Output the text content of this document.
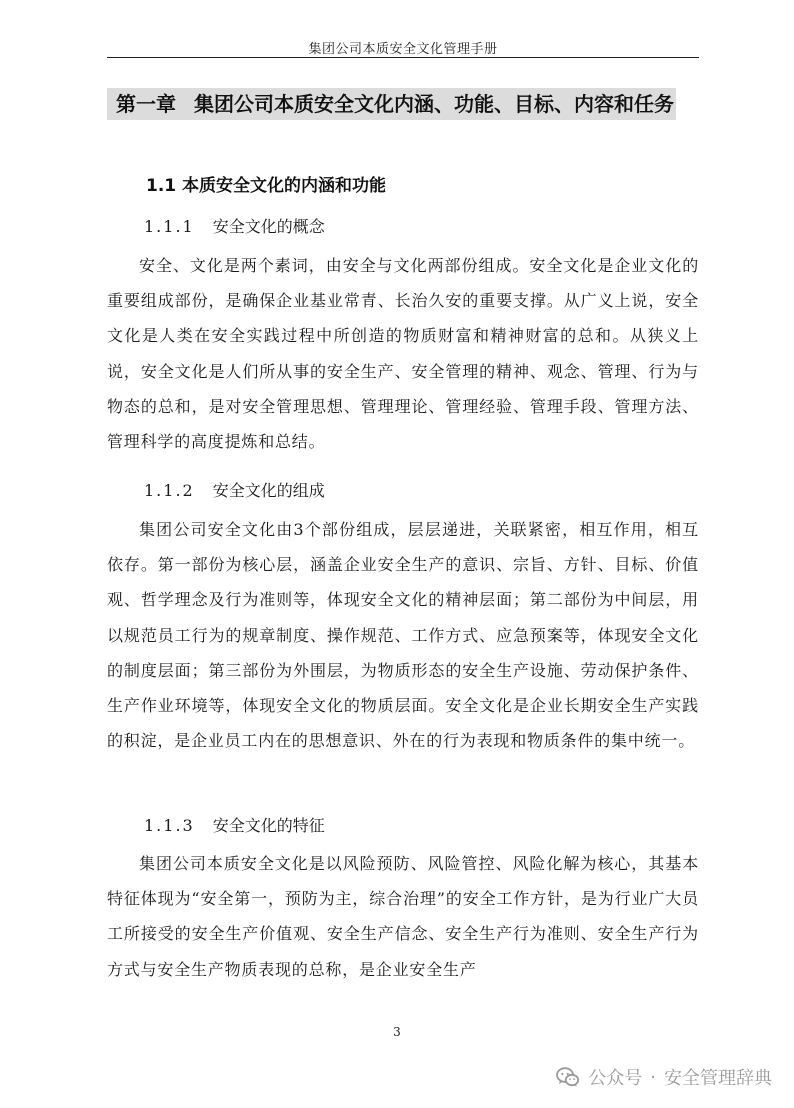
集团公司本质安全文化管理手册
第一章 集团公司本质安全文化内涵、功能、目标、内容和任务
1.1 本质安全文化的内涵和功能
1.1.1 安全文化的概念

安全、文化是两个素词，由安全与文化两部份组成。安全文化是企业文化的重要组成部份，是确保企业基业常青、长治久安的重要支撑。从广义上说，安全文化是人类在安全实践过程中所创造的物质财富和精神财富的总和。从狭义上说，安全文化是人们所从事的安全生产、安全管理的精神、观念、管理、行为与物态的总和，是对安全管理思想、管理理论、管理经验、管理手段、管理方法、管理科学的高度提炼和总结。

1.1.2 安全文化的组成

集团公司安全文化由3个部份组成，层层递进，关联紧密，相互作用，相互依存。第一部份为核心层，涵盖企业安全生产的意识、宗旨、方针、目标、价值观、哲学理念及行为准则等，体现安全文化的精神层面；第二部份为中间层，用以规范员工行为的规章制度、操作规范、工作方式、应急预案等，体现安全文化的制度层面；第三部份为外围层，为物质形态的安全生产设施、劳动保护条件、生产作业环境等，体现安全文化的物质层面。安全文化是企业长期安全生产实践的积淀，是企业员工内在的思想意识、外在的行为表现和物质条件的集中统一。

1.1.3 安全文化的特征

集团公司本质安全文化是以风险预防、风险管控、风险化解为核心，其基本特征体现为“安全第一，预防为主，综合治理”的安全工作方针，是为行业广大员工所接受的安全生产价值观、安全生产信念、安全生产行为准则、安全生产行为方式与安全生产物质表现的总称，是企业安全生产

3
公众号 · 安全管理辞典
